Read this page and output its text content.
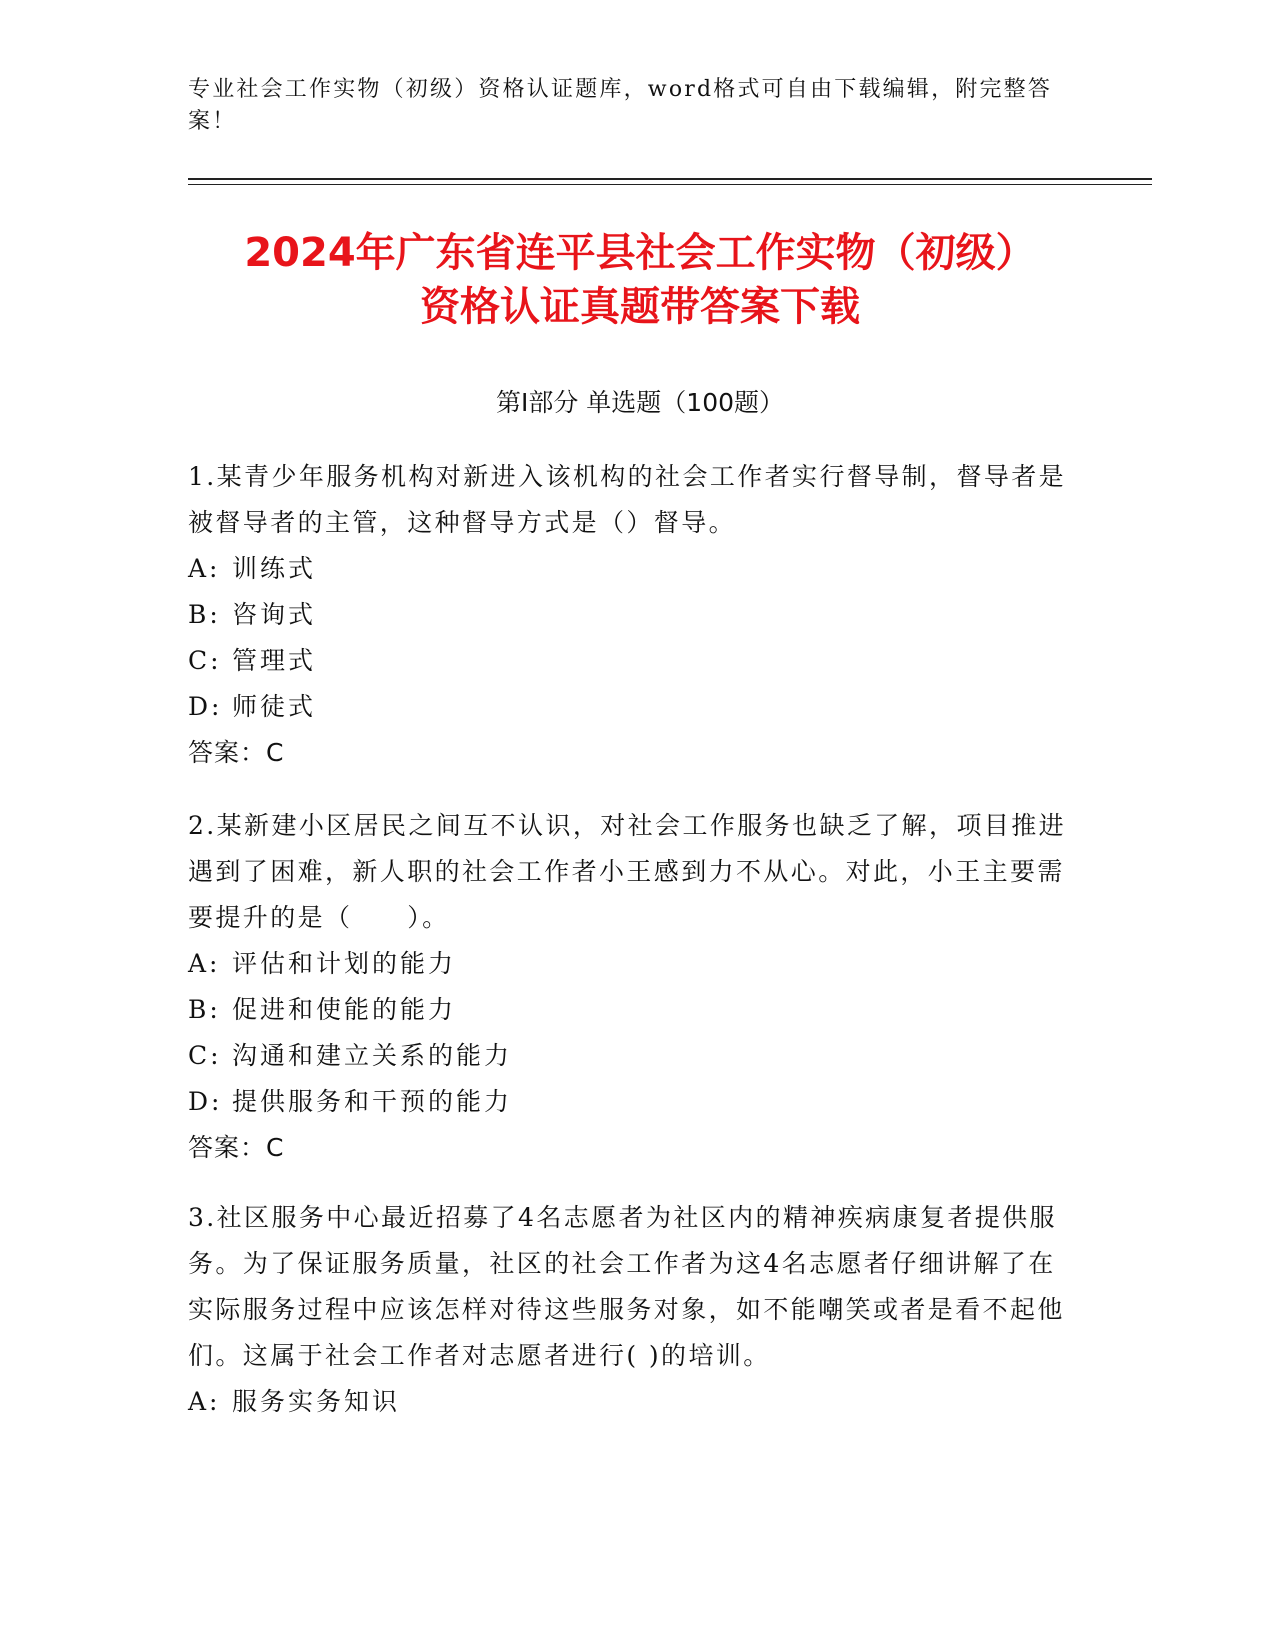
专业社会工作实物（初级）资格认证题库，word格式可自由下载编辑，附完整答案！
2024年广东省连平县社会工作实物（初级）
资格认证真题带答案下载
第Ⅰ部分 单选题（100题）

1.某青少年服务机构对新进入该机构的社会工作者实行督导制，督导者是被督导者的主管，这种督导方式是（）督导。

A: 训练式

B: 咨询式

C: 管理式

D: 师徒式

答案：C

2.某新建小区居民之间互不认识，对社会工作服务也缺乏了解，项目推进遇到了困难，新人职的社会工作者小王感到力不从心。对此，小王主要需要提升的是（　　）。

A: 评估和计划的能力

B: 促进和使能的能力

C: 沟通和建立关系的能力

D: 提供服务和干预的能力

答案：C

3.社区服务中心最近招募了4名志愿者为社区内的精神疾病康复者提供服务。为了保证服务质量，社区的社会工作者为这4名志愿者仔细讲解了在实际服务过程中应该怎样对待这些服务对象，如不能嘲笑或者是看不起他们。这属于社会工作者对志愿者进行( )的培训。

A: 服务实务知识
